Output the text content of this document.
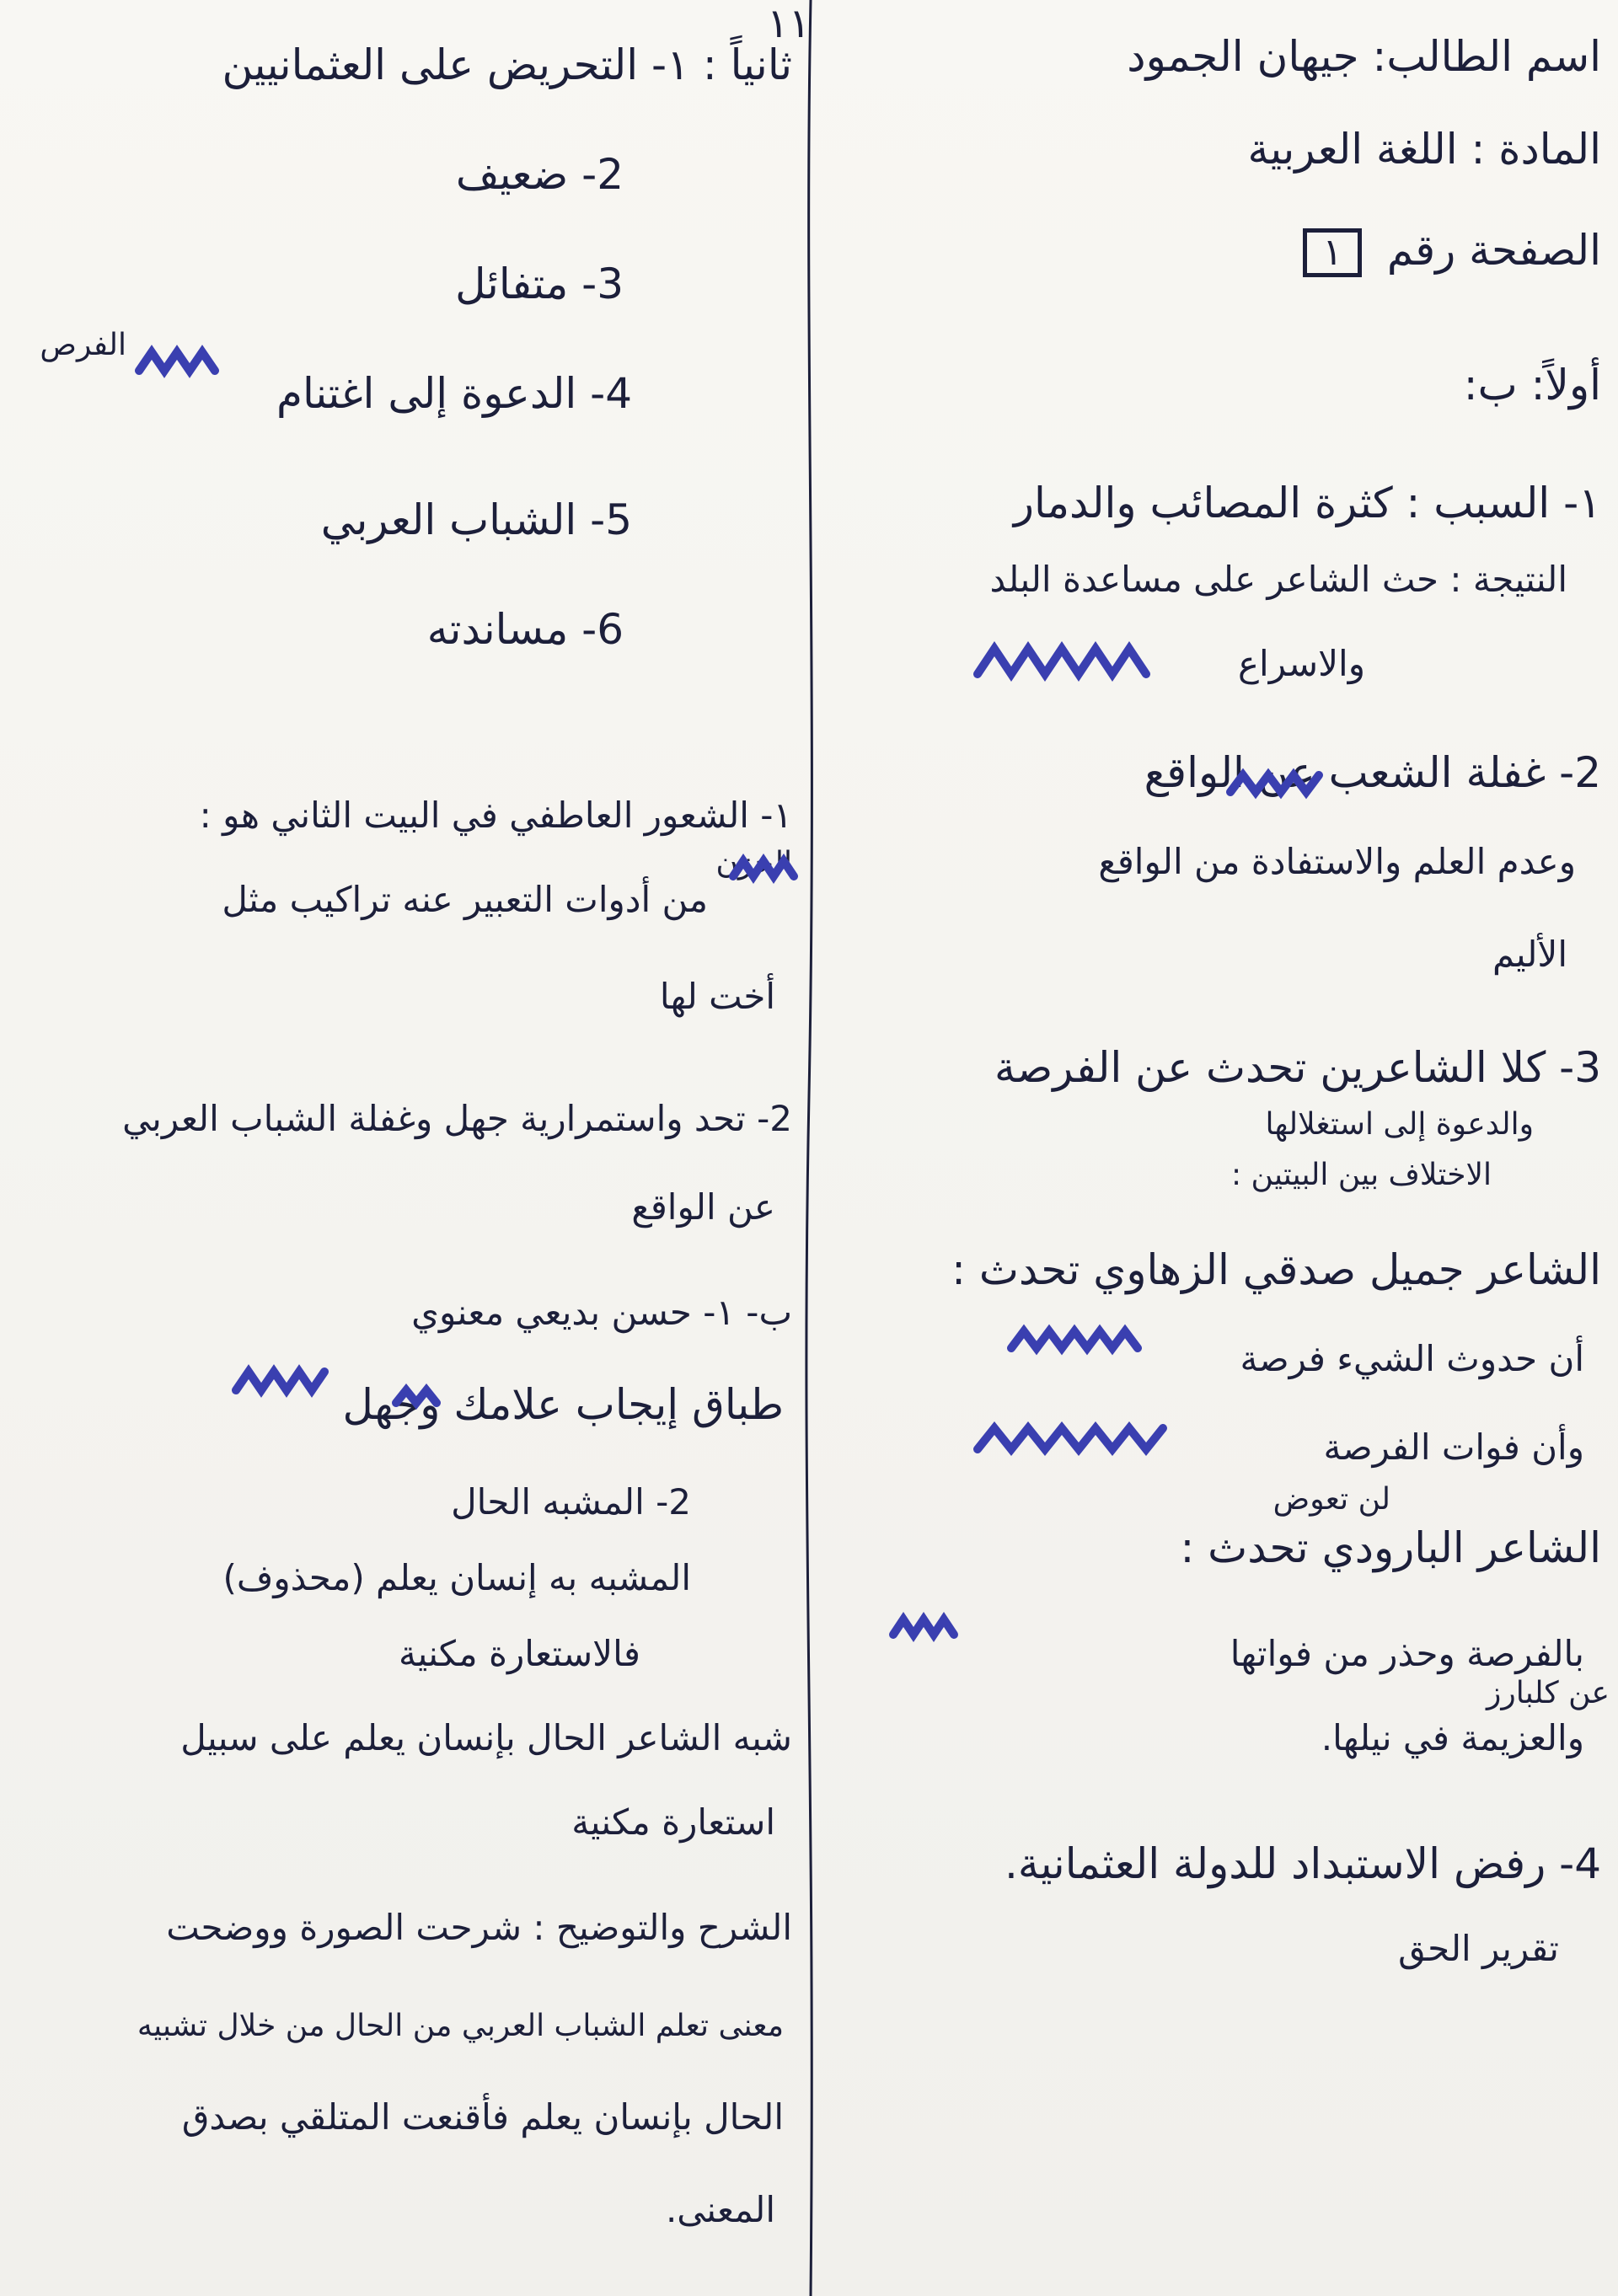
١١
اسم الطالب: جيهان الجمود
المادة : اللغة العربية
الصفحة رقم ١
أولاً: ب:
١- السبب : كثرة المصائب والدمار
النتيجة : حث الشاعر على مساعدة البلد
والاسراع
2- غفلة الشعب عن الواقع
وعدم العلم والاستفادة من الواقع
الأليم
3- كلا الشاعرين تحدث عن الفرصة
والدعوة إلى استغلالها
الاختلاف بين البيتين :
الشاعر جميل صدقي الزهاوي تحدث :
أن حدوث الشيء فرصة
وأن فوات الفرصة
لن تعوض
الشاعر البارودي تحدث :
بالفرصة وحذر من فواتها
عن كلبارز
والعزيمة في نيلها.
4- رفض الاستبداد للدولة العثمانية.
تقرير الحق
ثانياً : ١- التحريض على العثمانيين
2- ضعيف
3- متفائل
4- الدعوة إلى اغتنام
الفرص
5- الشباب العربي
6- مساندته
١- الشعور العاطفي في البيت الثاني هو :
الحزن
من أدوات التعبير عنه تراكيب مثل
أخت لها
2- تحد واستمرارية جهل وغفلة الشباب العربي
عن الواقع
ب- ١- حسن بديعي معنوي
طباق إيجاب علامك وجهل
2- المشبه الحال
المشبه به إنسان يعلم (محذوف)
فالاستعارة مكنية
شبه الشاعر الحال بإنسان يعلم على سبيل
استعارة مكنية
الشرح والتوضيح : شرحت الصورة ووضحت
معنى تعلم الشباب العربي من الحال من خلال تشبيه
الحال بإنسان يعلم فأقنعت المتلقي بصدق
المعنى.
